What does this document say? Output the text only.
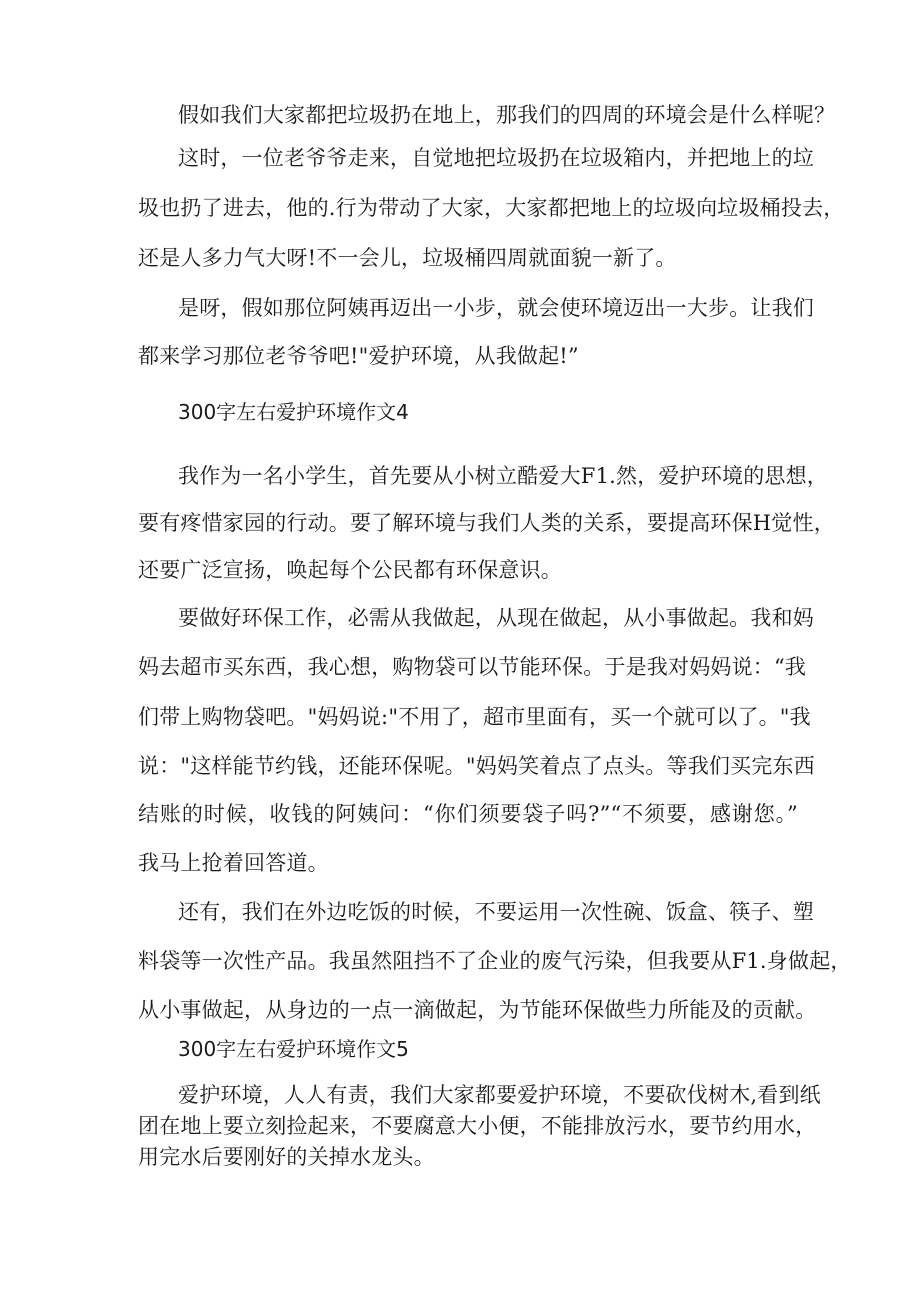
假如我们大家都把垃圾扔在地上，那我们的四周的环境会是什么样呢？
这时，一位老爷爷走来，自觉地把垃圾扔在垃圾箱内，并把地上的垃
圾也扔了进去，他的.行为带动了大家，大家都把地上的垃圾向垃圾桶投去，
还是人多力气大呀!不一会儿，垃圾桶四周就面貌一新了。
是呀，假如那位阿姨再迈出一小步，就会使环境迈出一大步。让我们
都来学习那位老爷爷吧!"爱护环境，从我做起!”
300字左右爱护环境作文4
我作为一名小学生，首先要从小树立酷爱大F1.然，爱护环境的思想，
要有疼惜家园的行动。要了解环境与我们人类的关系，要提高环保H觉性，
还要广泛宣扬，唤起每个公民都有环保意识。
要做好环保工作，必需从我做起，从现在做起，从小事做起。我和妈
妈去超市买东西，我心想，购物袋可以节能环保。于是我对妈妈说：“我
们带上购物袋吧。"妈妈说:"不用了，超市里面有，买一个就可以了。"我
说："这样能节约钱，还能环保呢。"妈妈笑着点了点头。等我们买完东西
结账的时候，收钱的阿姨问：“你们须要袋子吗?”“不须要，感谢您。”
我马上抢着回答道。
还有，我们在外边吃饭的时候，不要运用一次性碗、饭盒、筷子、塑
料袋等一次性产品。我虽然阻挡不了企业的废气污染，但我要从F1.身做起，
从小事做起，从身边的一点一滴做起，为节能环保做些力所能及的贡献。
300字左右爱护环境作文5
爱护环境，人人有责，我们大家都要爱护环境，不要砍伐树木,看到纸
团在地上要立刻捡起来，不要腐意大小便，不能排放污水，要节约用水，
用完水后要刚好的关掉水龙头。
